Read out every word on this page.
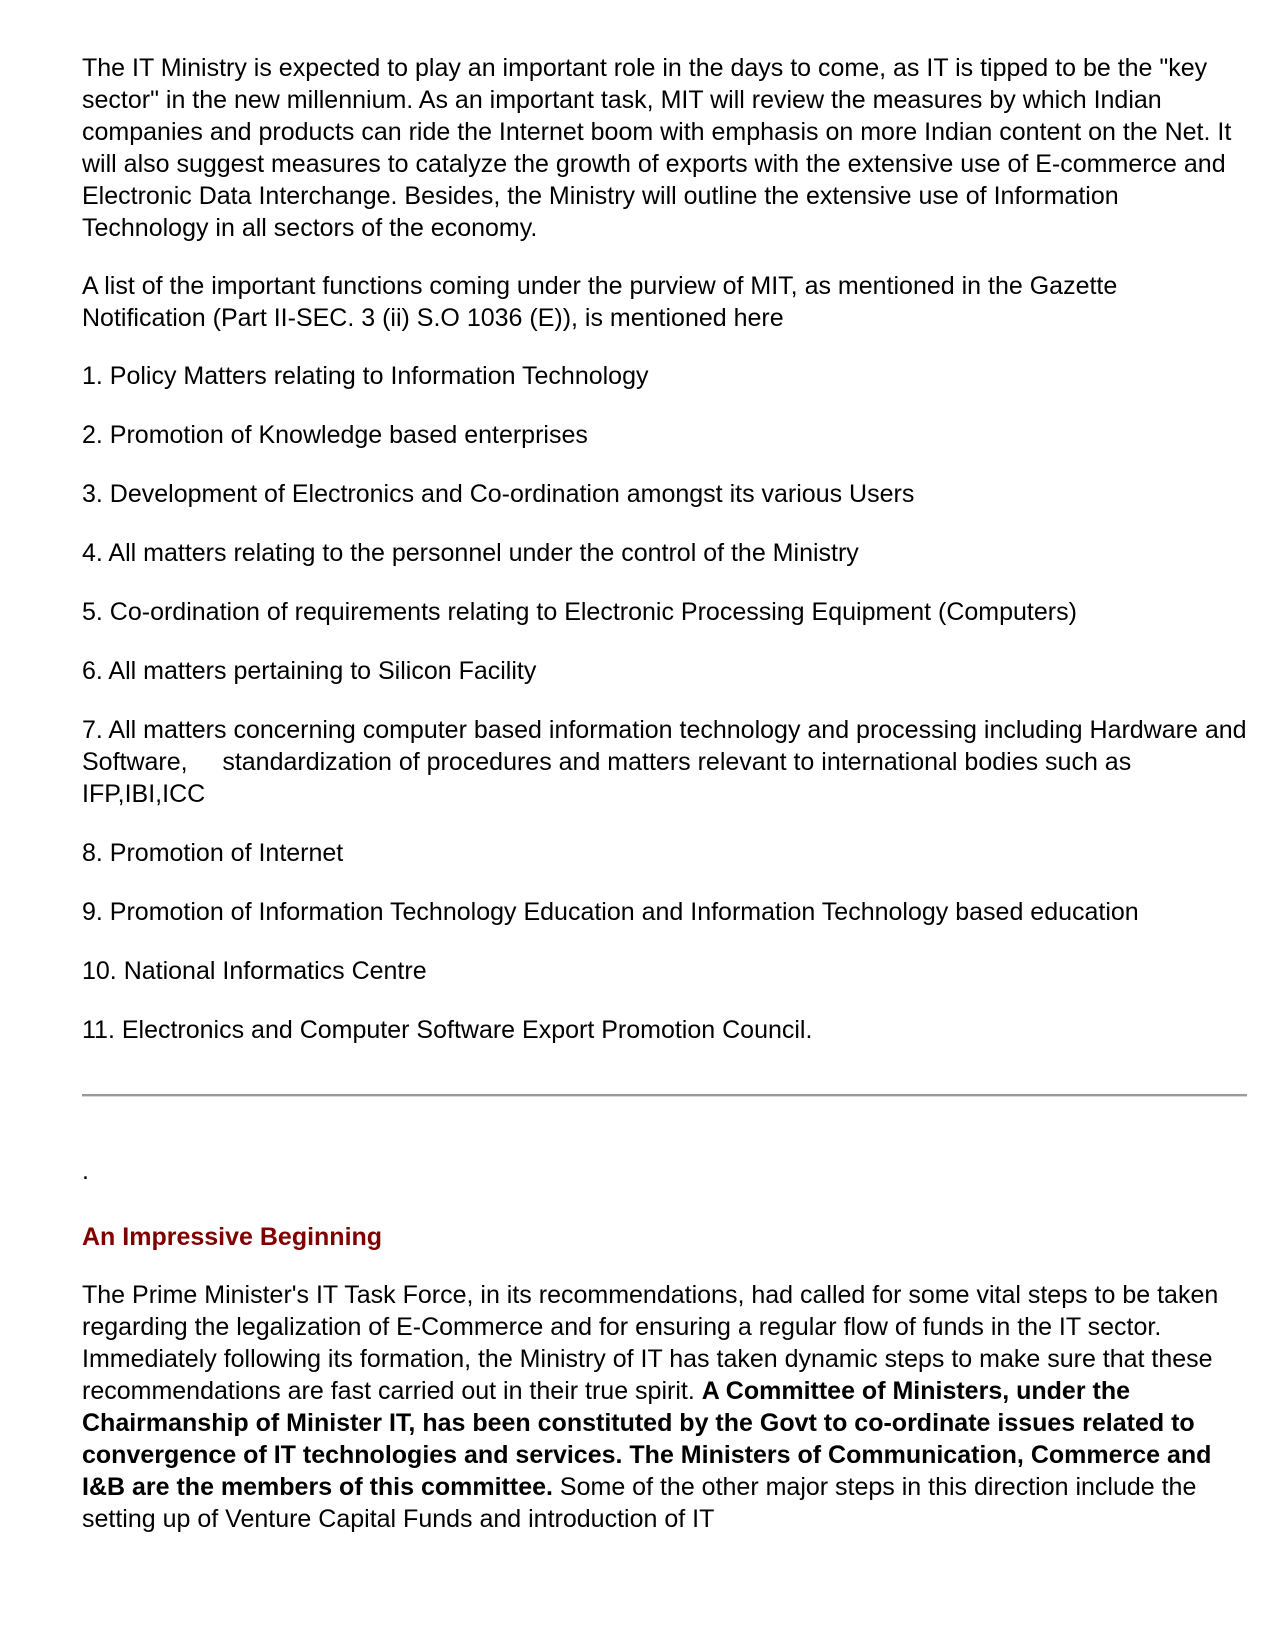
The IT Ministry is expected to play an important role in the days to come, as IT is tipped to be the "key sector" in the new millennium. As an important task, MIT will review the measures by which Indian companies and products can ride the Internet boom with emphasis on more Indian content on the Net. It will also suggest measures to catalyze the growth of exports with the extensive use of E-commerce and Electronic Data Interchange. Besides, the Ministry will outline the extensive use of Information Technology in all sectors of the economy.

A list of the important functions coming under the purview of MIT, as mentioned in the Gazette Notification (Part II-SEC. 3 (ii) S.O 1036 (E)), is mentioned here

1. Policy Matters relating to Information Technology

2. Promotion of Knowledge based enterprises

3. Development of Electronics and Co-ordination amongst its various Users

4. All matters relating to the personnel under the control of the Ministry

5. Co-ordination of requirements relating to Electronic Processing Equipment (Computers)

6. All matters pertaining to Silicon Facility

7. All matters concerning computer based information technology and processing including Hardware and Software,     standardization of procedures and matters relevant to international bodies such as IFP,IBI,ICC

8. Promotion of Internet

9. Promotion of Information Technology Education and Information Technology based education

10. National Informatics Centre

11. Electronics and Computer Software Export Promotion Council.

.
An Impressive Beginning

The Prime Minister's IT Task Force, in its recommendations, had called for some vital steps to be taken regarding the legalization of E-Commerce and for ensuring a regular flow of funds in the IT sector. Immediately following its formation, the Ministry of IT has taken dynamic steps to make sure that these recommendations are fast carried out in their true spirit. A Committee of Ministers, under the Chairmanship of Minister IT, has been constituted by the Govt to co-ordinate issues related to convergence of IT technologies and services. The Ministers of Communication, Commerce and I&B are the members of this committee. Some of the other major steps in this direction include the setting up of Venture Capital Funds and introduction of IT
